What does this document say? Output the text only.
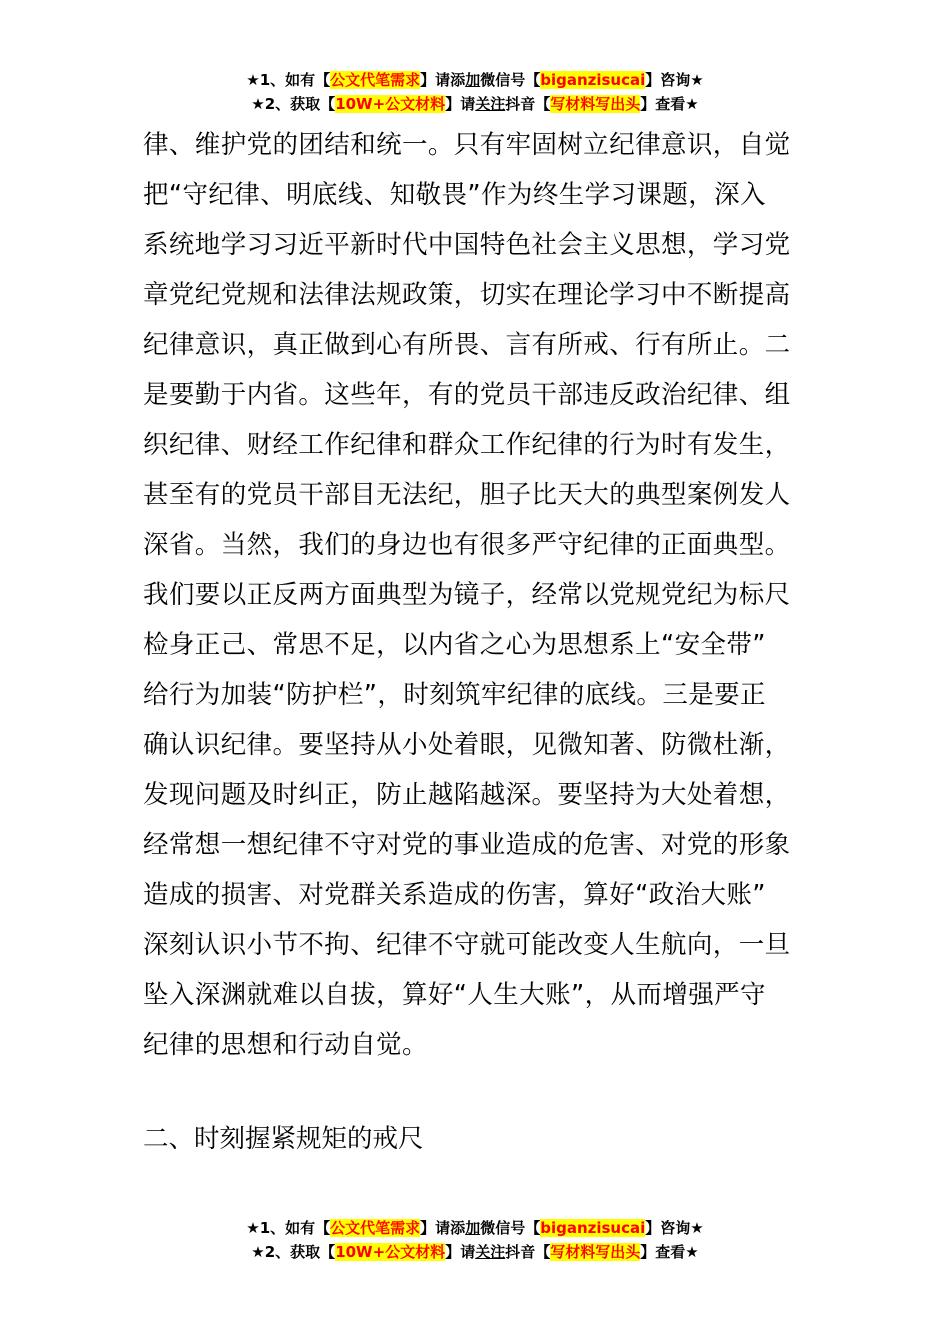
★1、如有【公文代笔需求】请添加微信号【biganzisucai】咨询★
★2、获取【10W+公文材料】请关注抖音【写材料写出头】查看★
律、维护党的团结和统一。只有牢固树立纪律意识，自觉
把“守纪律、明底线、知敬畏”作为终生学习课题，深入
系统地学习习近平新时代中国特色社会主义思想，学习党
章党纪党规和法律法规政策，切实在理论学习中不断提高
纪律意识，真正做到心有所畏、言有所戒、行有所止。二
是要勤于内省。这些年，有的党员干部违反政治纪律、组
织纪律、财经工作纪律和群众工作纪律的行为时有发生，
甚至有的党员干部目无法纪，胆子比天大的典型案例发人
深省。当然，我们的身边也有很多严守纪律的正面典型。
我们要以正反两方面典型为镜子，经常以党规党纪为标尺
检身正己、常思不足，以内省之心为思想系上“安全带”
给行为加装“防护栏”，时刻筑牢纪律的底线。三是要正
确认识纪律。要坚持从小处着眼，见微知著、防微杜渐，
发现问题及时纠正，防止越陷越深。要坚持为大处着想，
经常想一想纪律不守对党的事业造成的危害、对党的形象
造成的损害、对党群关系造成的伤害，算好“政治大账”
深刻认识小节不拘、纪律不守就可能改变人生航向，一旦
坠入深渊就难以自拔，算好“人生大账”，从而增强严守
纪律的思想和行动自觉。
二、时刻握紧规矩的戒尺
★1、如有【公文代笔需求】请添加微信号【biganzisucai】咨询★
★2、获取【10W+公文材料】请关注抖音【写材料写出头】查看★
